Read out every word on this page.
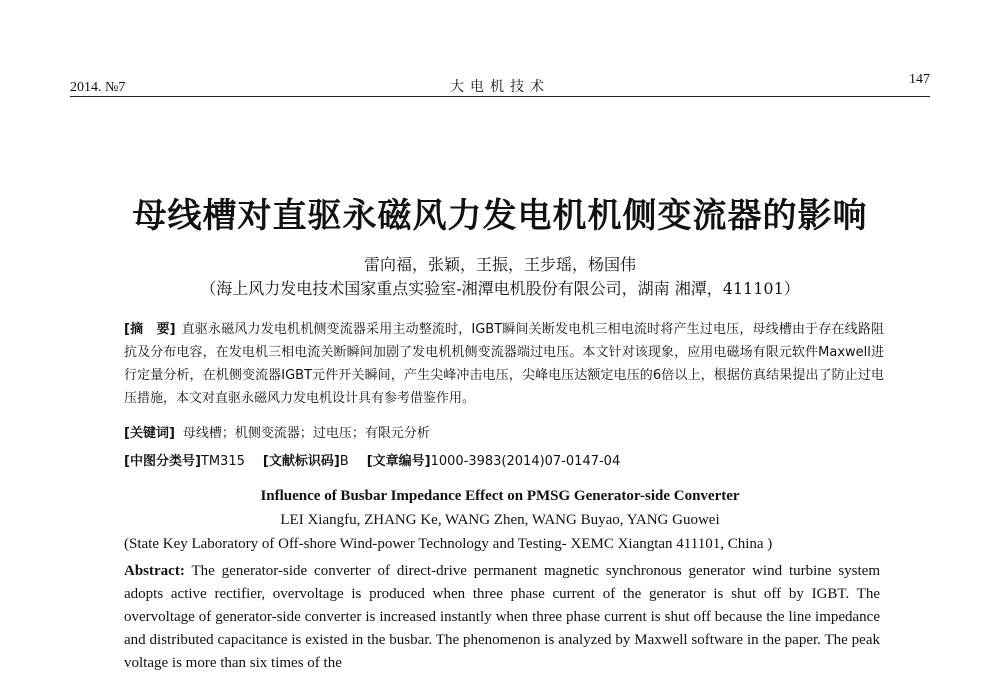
2014. №7	大电机技术	147
母线槽对直驱永磁风力发电机机侧变流器的影响
雷向福，张颖，王振，王步瑶，杨国伟
（海上风力发电技术国家重点实验室-湘潭电机股份有限公司，湖南 湘潭，411101）
[摘　要] 直驱永磁风力发电机机侧变流器采用主动整流时，IGBT瞬间关断发电机三相电流时将产生过电压，母线槽由于存在线路阻抗及分布电容，在发电机三相电流关断瞬间加剧了发电机机侧变流器端过电压。本文针对该现象，应用电磁场有限元软件Maxwell进行定量分析，在机侧变流器IGBT元件开关瞬间，产生尖峰冲击电压，尖峰电压达额定电压的6倍以上，根据仿真结果提出了防止过电压措施，本文对直驱永磁风力发电机设计具有参考借鉴作用。
[关键词] 母线槽；机侧变流器；过电压；有限元分析
[中图分类号]TM315 [文献标识码]B [文章编号]1000-3983(2014)07-0147-04
Influence of Busbar Impedance Effect on PMSG Generator-side Converter
LEI Xiangfu, ZHANG Ke, WANG Zhen, WANG Buyao, YANG Guowei
(State Key Laboratory of Off-shore Wind-power Technology and Testing- XEMC Xiangtan 411101, China )
Abstract: The generator-side converter of direct-drive permanent magnetic synchronous generator wind turbine system adopts active rectifier, overvoltage is produced when three phase current of the generator is shut off by IGBT. The overvoltage of generator-side converter is increased instantly when three phase current is shut off because the line impedance and distributed capacitance is existed in the busbar. The phenomenon is analyzed by Maxwell software in the paper. The peak voltage is more than six times of the
